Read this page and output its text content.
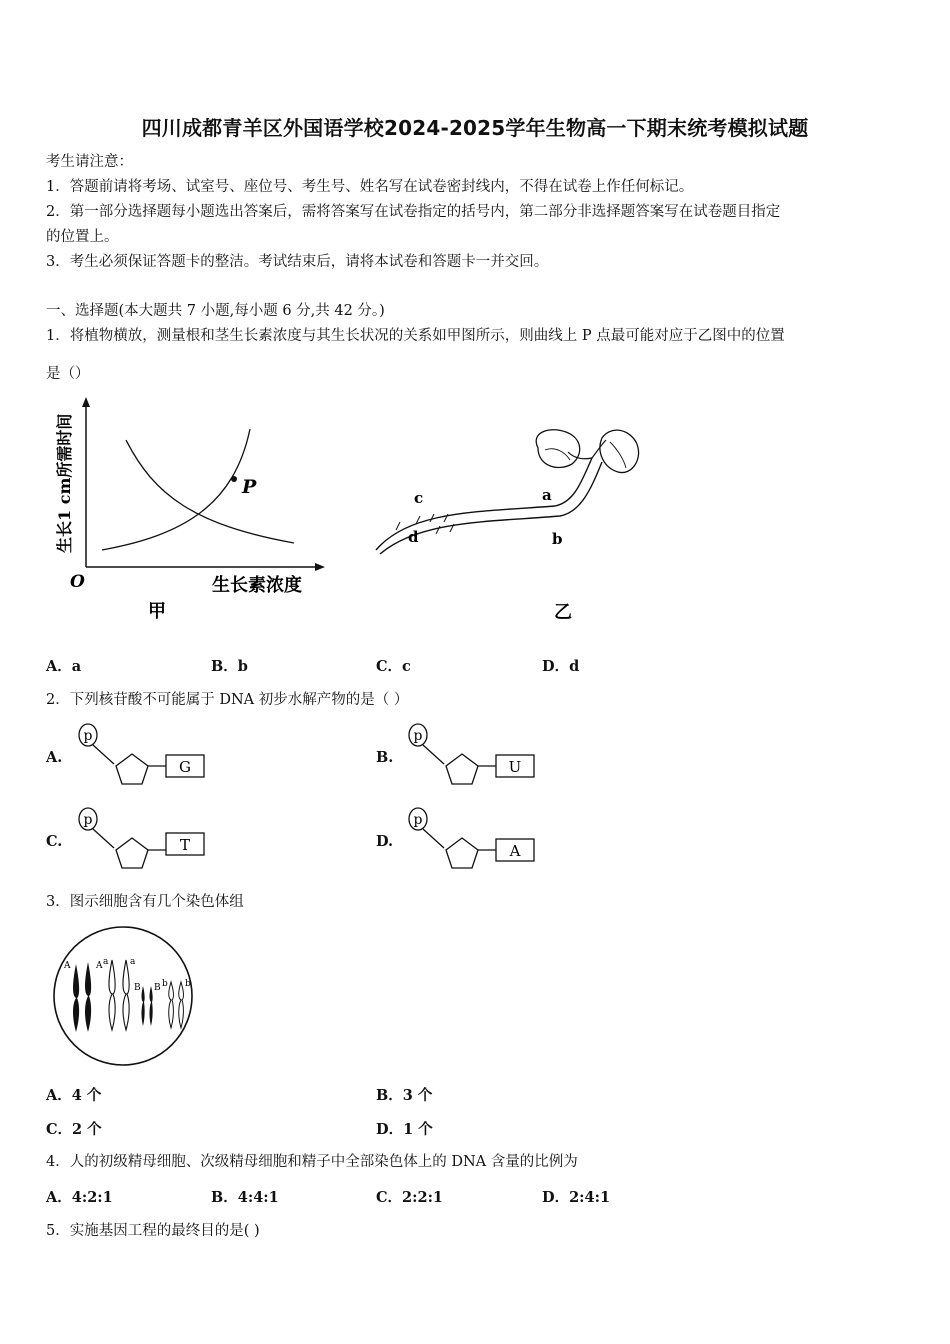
四川成都青羊区外国语学校2024-2025学年生物高一下期末统考模拟试题
考生请注意：
1．答题前请将考场、试室号、座位号、考生号、姓名写在试卷密封线内，不得在试卷上作任何标记。
2．第一部分选择题每小题选出答案后，需将答案写在试卷指定的括号内，第二部分非选择题答案写在试卷题目指定
的位置上。
3．考生必须保证答题卡的整洁。考试结束后，请将本试卷和答题卡一并交回。
一、选择题(本大题共 7 小题,每小题 6 分,共 42 分。)
1．将植物横放，测量根和茎生长素浓度与其生长状况的关系如甲图所示，则曲线上 P 点最可能对应于乙图中的位置
是（）
P
O	生长素浓度
生长1 cm所需时间
甲
a
b
c
d
乙
A．a	B．b	C．c	D．d
2．下列核苷酸不可能属于 DNA 初步水解产物的是（ ）
A.
p
G
B.
p
U
C.
p
T	D.
p
A
3．图示细胞含有几个染色体组
A	A a a
B B b b
A．4 个	B．3 个
C．2 个	D．1 个
4．人的初级精母细胞、次级精母细胞和精子中全部染色体上的 DNA 含量的比例为
A．4:2:1	B．4:4:1	C．2:2:1	D．2:4:1
5．实施基因工程的最终目的是( )
